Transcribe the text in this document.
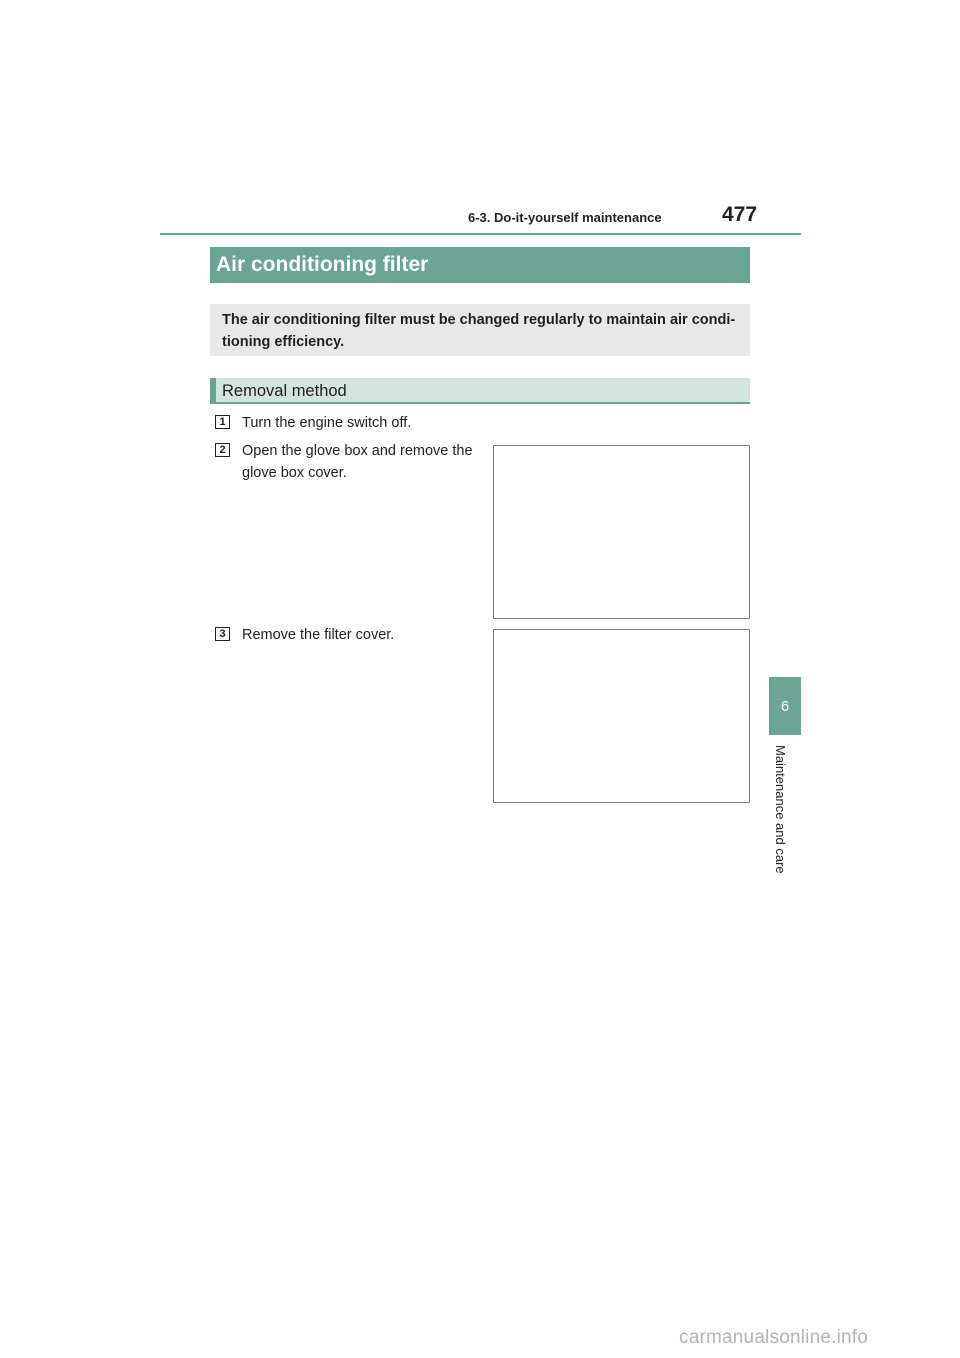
6-3. Do-it-yourself maintenance	477
6
Maintenance and care
Air conditioning filter
The air conditioning filter must be changed regularly to maintain air condi-tioning efficiency.
Removal method
1	Turn the engine switch off.
2	Open the glove box and remove the glove box cover.
3	Remove the filter cover.
carmanualsonline.info
